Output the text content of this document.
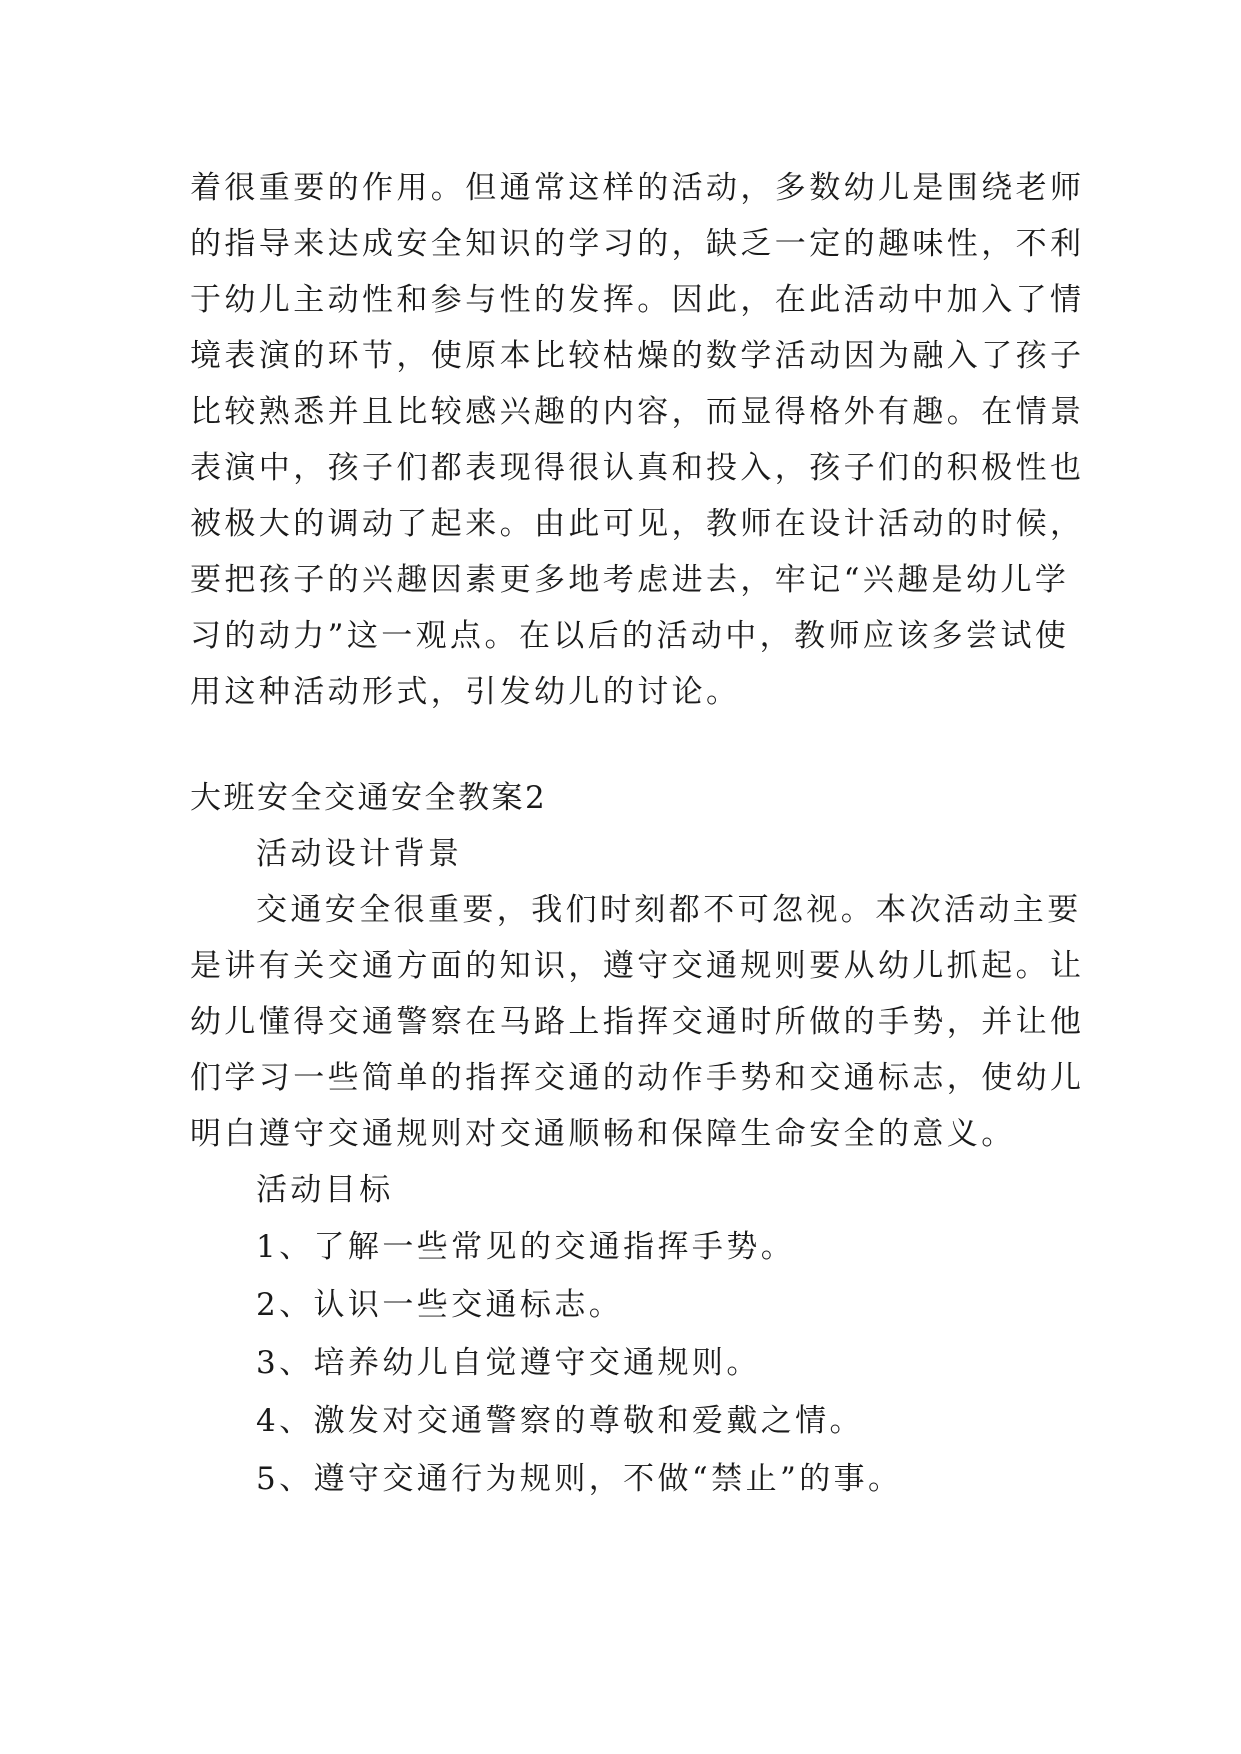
着很重要的作用。但通常这样的活动，多数幼儿是围绕老师
的指导来达成安全知识的学习的，缺乏一定的趣味性，不利
于幼儿主动性和参与性的发挥。因此，在此活动中加入了情
境表演的环节，使原本比较枯燥的数学活动因为融入了孩子
比较熟悉并且比较感兴趣的内容，而显得格外有趣。在情景
表演中，孩子们都表现得很认真和投入，孩子们的积极性也
被极大的调动了起来。由此可见，教师在设计活动的时候，
要把孩子的兴趣因素更多地考虑进去，牢记“兴趣是幼儿学
习的动力”这一观点。在以后的活动中，教师应该多尝试使
用这种活动形式，引发幼儿的讨论。
大班安全交通安全教案2
活动设计背景
交通安全很重要，我们时刻都不可忽视。本次活动主要
是讲有关交通方面的知识，遵守交通规则要从幼儿抓起。让
幼儿懂得交通警察在马路上指挥交通时所做的手势，并让他
们学习一些简单的指挥交通的动作手势和交通标志，使幼儿
明白遵守交通规则对交通顺畅和保障生命安全的意义。
活动目标
1、了解一些常见的交通指挥手势。
2、认识一些交通标志。
3、培养幼儿自觉遵守交通规则。
4、激发对交通警察的尊敬和爱戴之情。
5、遵守交通行为规则，不做“禁止”的事。
